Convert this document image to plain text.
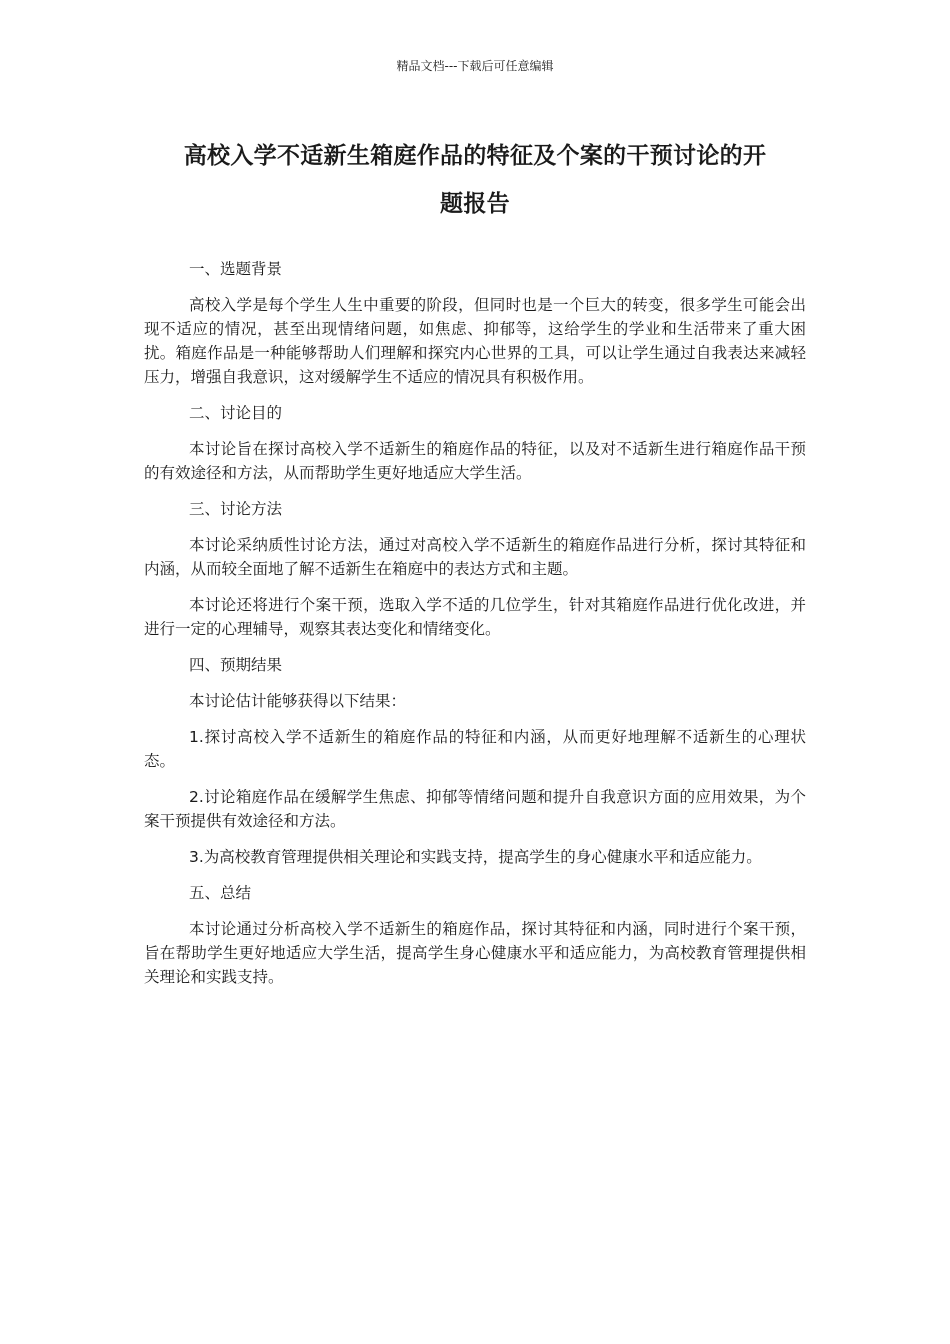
精品文档---下载后可任意编辑
高校入学不适新生箱庭作品的特征及个案的干预讨论的开
题报告

一、选题背景

高校入学是每个学生人生中重要的阶段，但同时也是一个巨大的转变，很多学生可能会出现不适应的情况，甚至出现情绪问题，如焦虑、抑郁等，这给学生的学业和生活带来了重大困扰。箱庭作品是一种能够帮助人们理解和探究内心世界的工具，可以让学生通过自我表达来减轻压力，增强自我意识，这对缓解学生不适应的情况具有积极作用。

二、讨论目的

本讨论旨在探讨高校入学不适新生的箱庭作品的特征，以及对不适新生进行箱庭作品干预的有效途径和方法，从而帮助学生更好地适应大学生活。

三、讨论方法

本讨论采纳质性讨论方法，通过对高校入学不适新生的箱庭作品进行分析，探讨其特征和内涵，从而较全面地了解不适新生在箱庭中的表达方式和主题。

本讨论还将进行个案干预，选取入学不适的几位学生，针对其箱庭作品进行优化改进，并进行一定的心理辅导，观察其表达变化和情绪变化。

四、预期结果

本讨论估计能够获得以下结果：

1.探讨高校入学不适新生的箱庭作品的特征和内涵，从而更好地理解不适新生的心理状态。

2.讨论箱庭作品在缓解学生焦虑、抑郁等情绪问题和提升自我意识方面的应用效果，为个案干预提供有效途径和方法。

3.为高校教育管理提供相关理论和实践支持，提高学生的身心健康水平和适应能力。

五、总结

本讨论通过分析高校入学不适新生的箱庭作品，探讨其特征和内涵，同时进行个案干预，旨在帮助学生更好地适应大学生活，提高学生身心健康水平和适应能力，为高校教育管理提供相关理论和实践支持。
